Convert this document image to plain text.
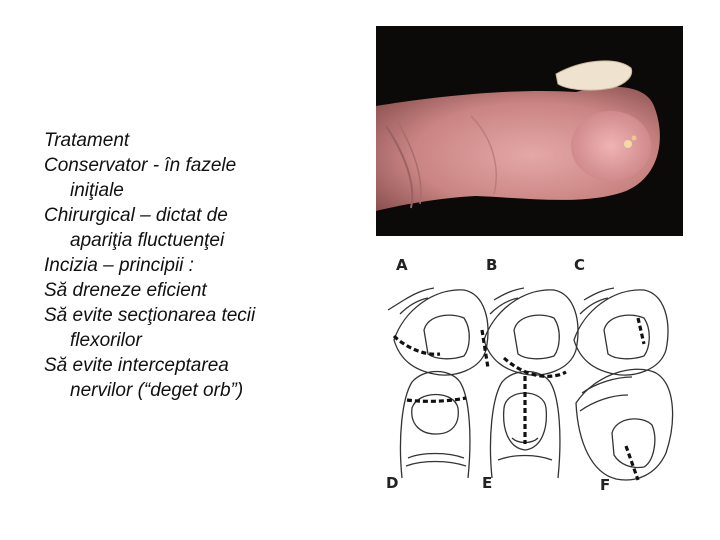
Tratament
Conservator - în fazele
iniţiale
Chirurgical – dictat de
apariţia fluctuenţei
Incizia – principii :
Să dreneze eficient
Să evite secţionarea tecii
flexorilor
Să evite interceptarea
nervilor (“deget orb”)
A	B	C
D	E	F
